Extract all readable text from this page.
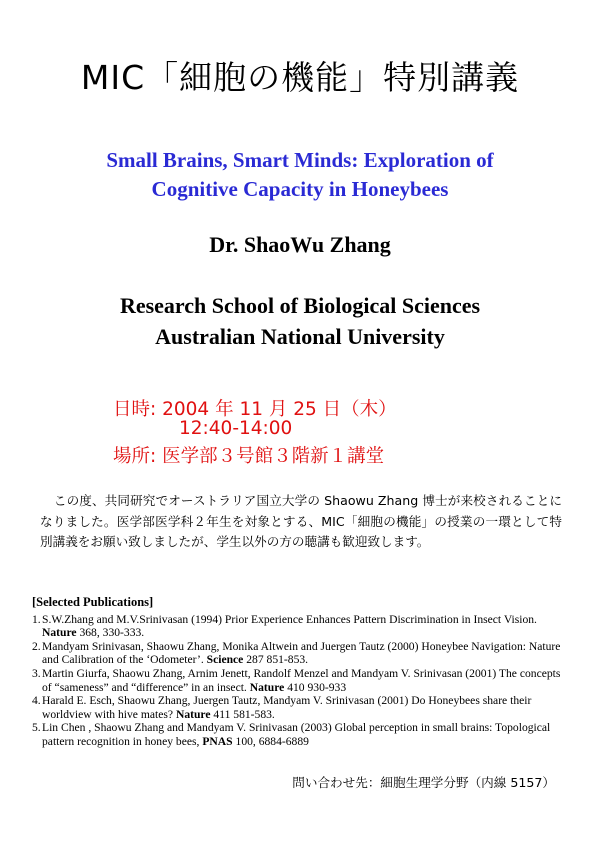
MIC「細胞の機能」特別講義
Small Brains, Smart Minds: Exploration of
Cognitive Capacity in Honeybees
Dr. ShaoWu Zhang
Research School of Biological Sciences
Australian National University
日時: 2004 年 11 月 25 日（木）
12:40-14:00
場所: 医学部３号館３階新１講堂
この度、共同研究でオーストラリア国立大学の Shaowu Zhang 博士が来校されることになりました。医学部医学科２年生を対象とする、MIC「細胞の機能」の授業の一環として特別講義をお願い致しましたが、学生以外の方の聴講も歓迎致します。
[Selected Publications]
1. S.W.Zhang and M.V.Srinivasan (1994) Prior Experience Enhances Pattern Discrimination in Insect Vision. Nature 368, 330-333.
2. Mandyam Srinivasan, Shaowu Zhang, Monika Altwein and Juergen Tautz (2000) Honeybee Navigation: Nature and Calibration of the ‘Odometer’. Science 287 851-853.
3. Martin Giurfa, Shaowu Zhang, Arnim Jenett, Randolf Menzel and Mandyam V. Srinivasan (2001) The concepts of “sameness” and “difference” in an insect. Nature 410 930-933
4. Harald E. Esch, Shaowu Zhang, Juergen Tautz, Mandyam V. Srinivasan (2001) Do Honeybees share their worldview with hive mates? Nature 411 581-583.
5. Lin Chen , Shaowu Zhang and Mandyam V. Srinivasan (2003) Global perception in small brains: Topological pattern recognition in honey bees, PNAS 100, 6884-6889
問い合わせ先：細胞生理学分野（内線 5157）
